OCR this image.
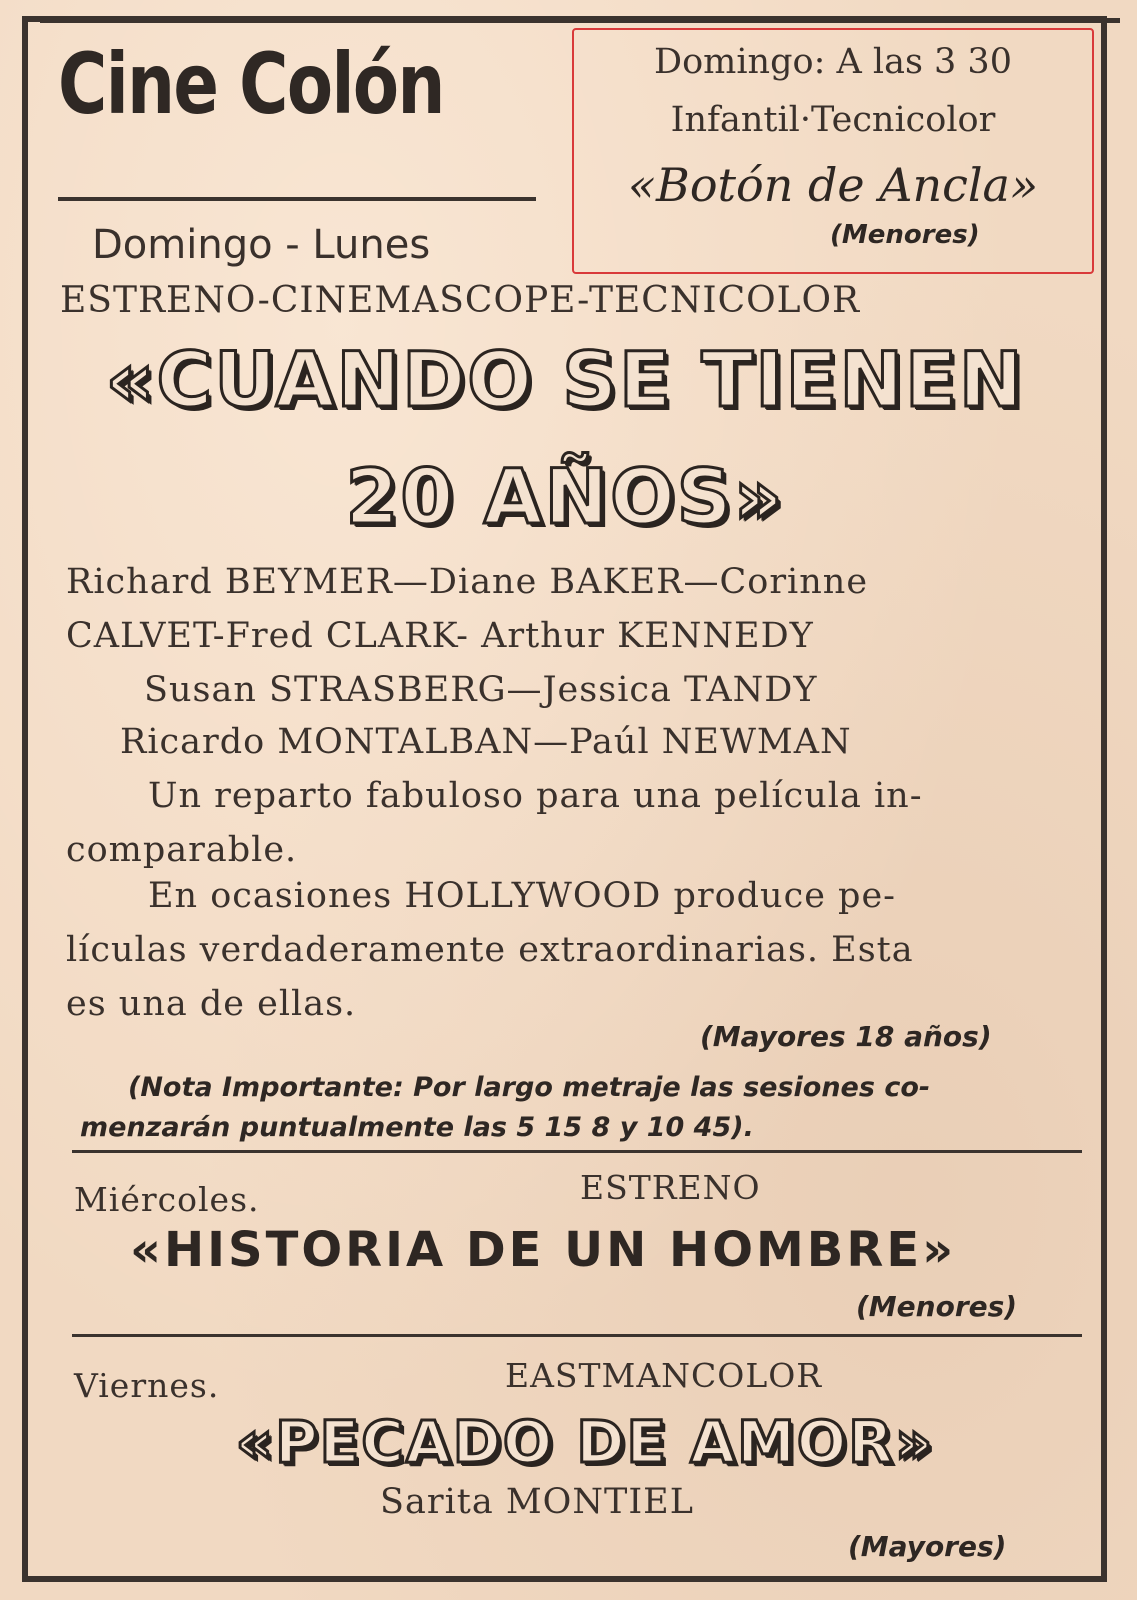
Cine Colón
Domingo - Lunes
Domingo: A las 3 30
Infantil·Tecnicolor
«Botón de Ancla»
(Menores)
ESTRENO-CINEMASCOPE-TECNICOLOR
«CUANDO SE TIENEN
20 AÑOS»
Richard BEYMER—Diane BAKER—Corinne
CALVET-Fred CLARK- Arthur KENNEDY
Susan STRASBERG—Jessica TANDY
Ricardo MONTALBAN—Paúl NEWMAN
Un reparto fabuloso para una película in-
comparable.
En ocasiones HOLLYWOOD produce pe-
lículas verdaderamente extraordinarias. Esta
es una de ellas.
(Mayores 18 años)
(Nota Importante: Por largo metraje las sesiones co-
menzarán puntualmente las 5 15 8 y 10 45).
Miércoles.	ESTRENO
«HISTORIA DE UN HOMBRE»
(Menores)
Viernes.	EASTMANCOLOR
«PECADO DE AMOR»
Sarita MONTIEL
(Mayores)
